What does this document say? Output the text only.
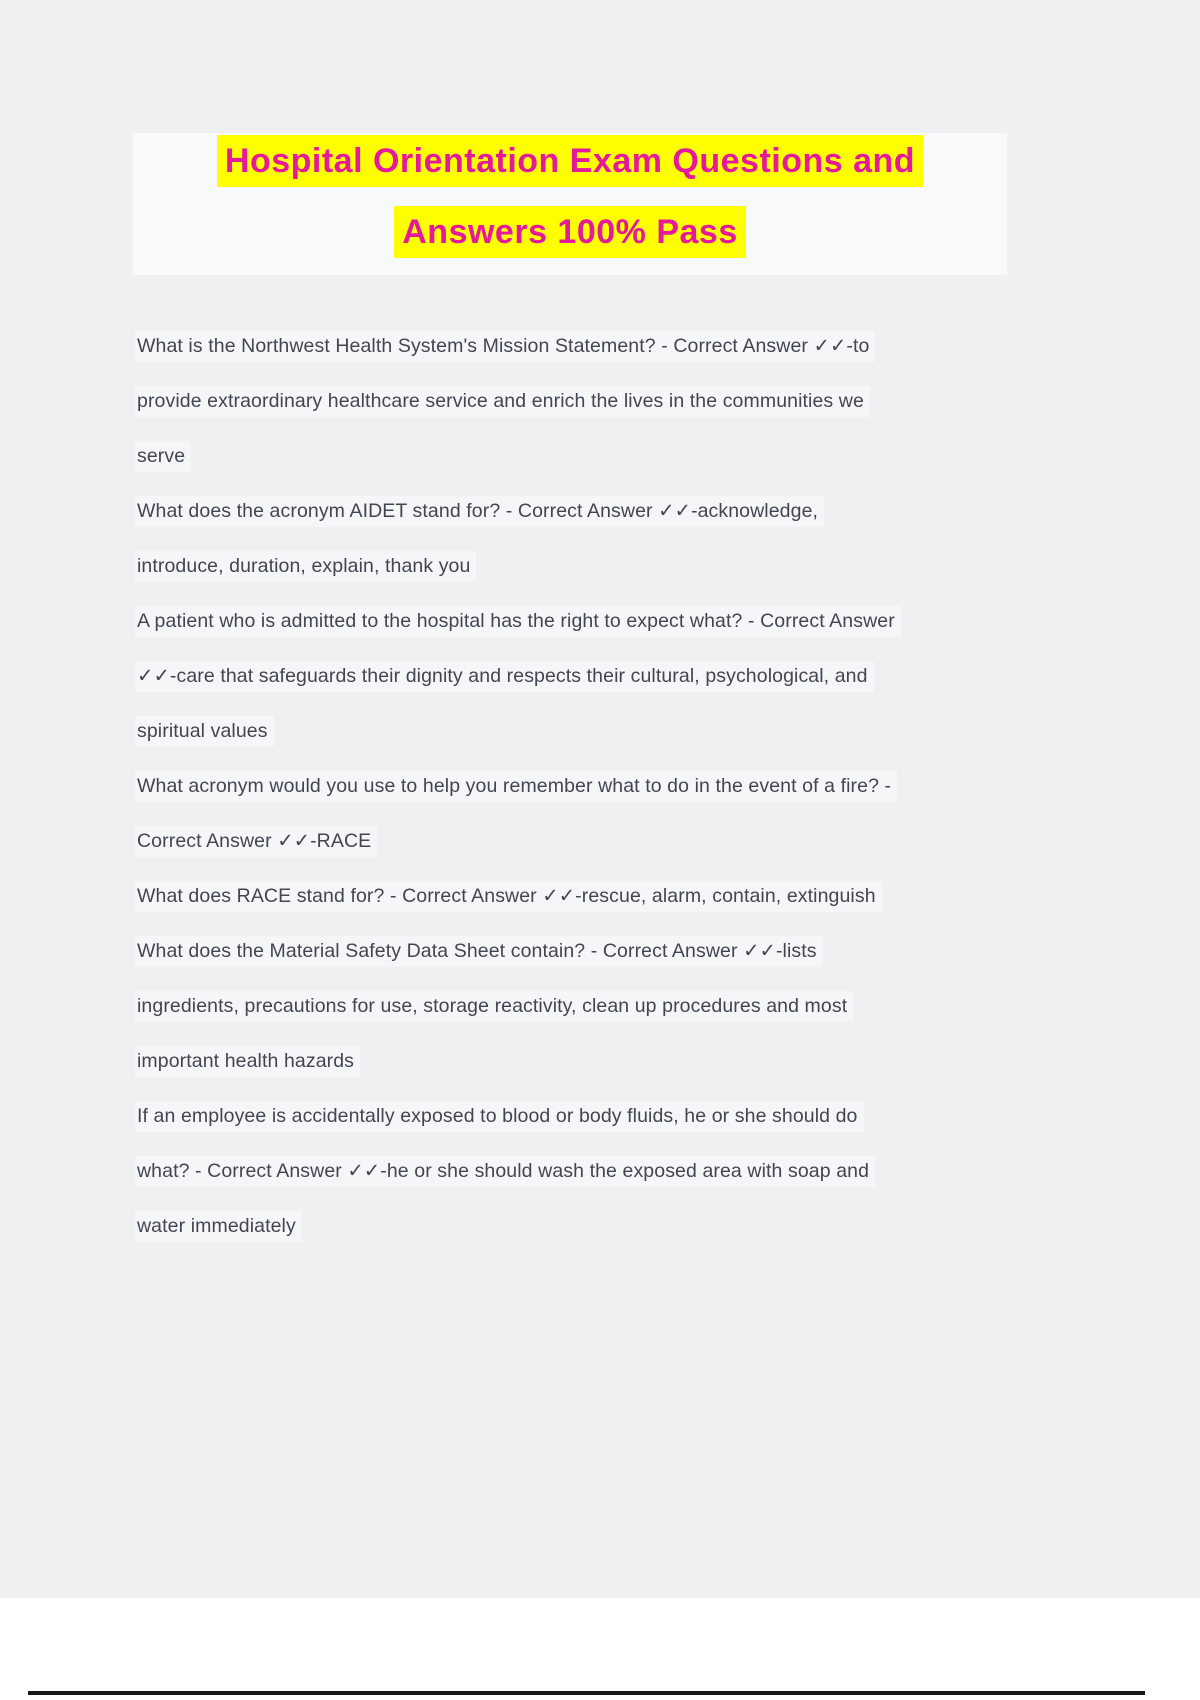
Hospital Orientation Exam Questions and
Answers 100% Pass
What is the Northwest Health System's Mission Statement? - Correct Answer ✓✓-to
provide extraordinary healthcare service and enrich the lives in the communities we
serve
What does the acronym AIDET stand for? - Correct Answer ✓✓-acknowledge,
introduce, duration, explain, thank you
A patient who is admitted to the hospital has the right to expect what? - Correct Answer
✓✓-care that safeguards their dignity and respects their cultural, psychological, and
spiritual values
What acronym would you use to help you remember what to do in the event of a fire? -
Correct Answer ✓✓-RACE
What does RACE stand for? - Correct Answer ✓✓-rescue, alarm, contain, extinguish
What does the Material Safety Data Sheet contain? - Correct Answer ✓✓-lists
ingredients, precautions for use, storage reactivity, clean up procedures and most
important health hazards
If an employee is accidentally exposed to blood or body fluids, he or she should do
what? - Correct Answer ✓✓-he or she should wash the exposed area with soap and
water immediately
